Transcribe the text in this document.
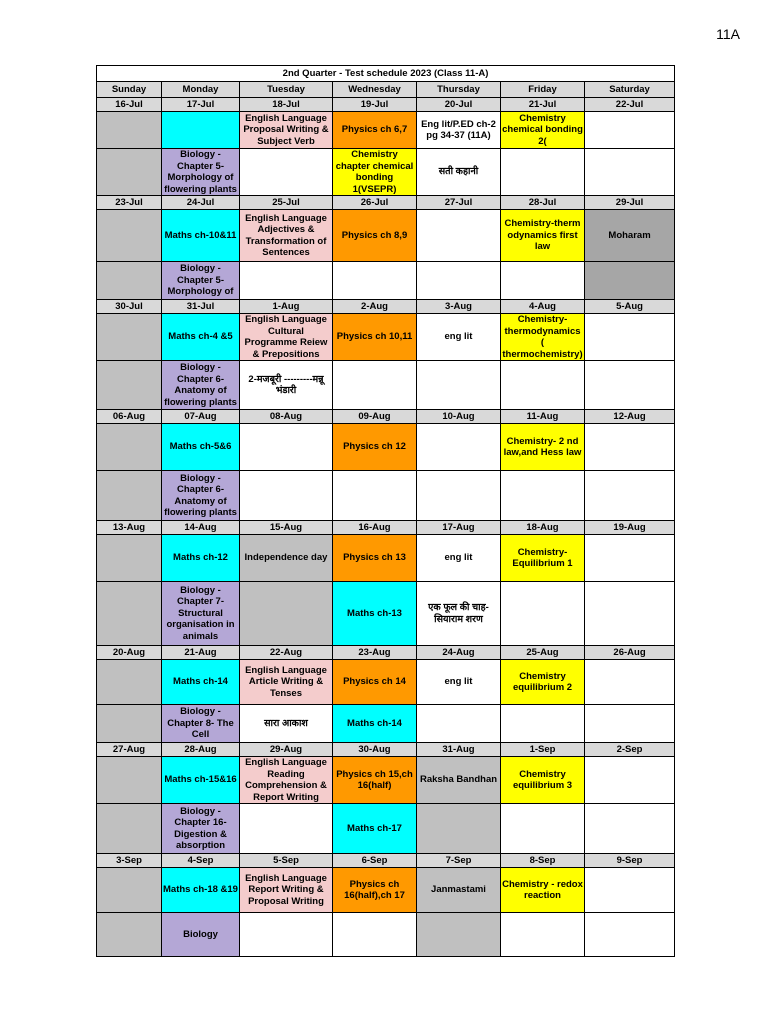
11A
2nd Quarter - Test schedule 2023 (Class 11-A)						
Sunday	Monday	Tuesday	Wednesday	Thursday	Friday	Saturday
16-Jul	17-Jul	18-Jul	19-Jul	20-Jul	21-Jul	22-Jul
		English Language Proposal Writing & Subject Verb	Physics ch 6,7	Eng lit/P.ED ch-2 pg 34-37 (11A)	Chemistry chemical bonding 2(	
	Biology - Chapter 5- Morphology of flowering plants		Chemistry chapter chemical bonding 1(VSEPR)	सती कहानी		
23-Jul	24-Jul	25-Jul	26-Jul	27-Jul	28-Jul	29-Jul
	Maths ch-10&11	English Language Adjectives & Transformation of Sentences	Physics ch 8,9		Chemistry-therm odynamics first law	Moharam
	Biology - Chapter 5- Morphology of					
30-Jul	31-Jul	1-Aug	2-Aug	3-Aug	4-Aug	5-Aug
	Maths ch-4 &5	English Language Cultural Programme Reiew & Prepositions	Physics ch 10,11	eng lit	Chemistry- thermodynamics ( thermochemistry)	
	Biology - Chapter 6- Anatomy of flowering plants	2-मजबूरी ---------मन्नू भंडारी				
06-Aug	07-Aug	08-Aug	09-Aug	10-Aug	11-Aug	12-Aug
	Maths ch-5&6		Physics ch 12		Chemistry- 2 nd law,and Hess law	
	Biology - Chapter 6- Anatomy of flowering plants					
13-Aug	14-Aug	15-Aug	16-Aug	17-Aug	18-Aug	19-Aug
	Maths ch-12	Independence day	Physics ch 13	eng lit	Chemistry- Equilibrium 1	
	Biology - Chapter 7- Structural organisation in animals		Maths ch-13	एक फूल की चाह- सियाराम शरण		
20-Aug	21-Aug	22-Aug	23-Aug	24-Aug	25-Aug	26-Aug
	Maths ch-14	English Language Article Writing & Tenses	Physics ch 14	eng lit	Chemistry equilibrium 2	
	Biology - Chapter 8- The Cell	सारा आकाश	Maths ch-14			
27-Aug	28-Aug	29-Aug	30-Aug	31-Aug	1-Sep	2-Sep
	Maths ch-15&16	English Language Reading Comprehension & Report Writing	Physics ch 15,ch 16(half)	Raksha Bandhan	Chemistry equilibrium 3	
	Biology - Chapter 16- Digestion & absorption		Maths ch-17			
3-Sep	4-Sep	5-Sep	6-Sep	7-Sep	8-Sep	9-Sep
	Maths ch-18 &19	English Language Report Writing & Proposal Writing	Physics ch 16(half),ch 17	Janmastami	Chemistry - redox reaction	
	Biology					
